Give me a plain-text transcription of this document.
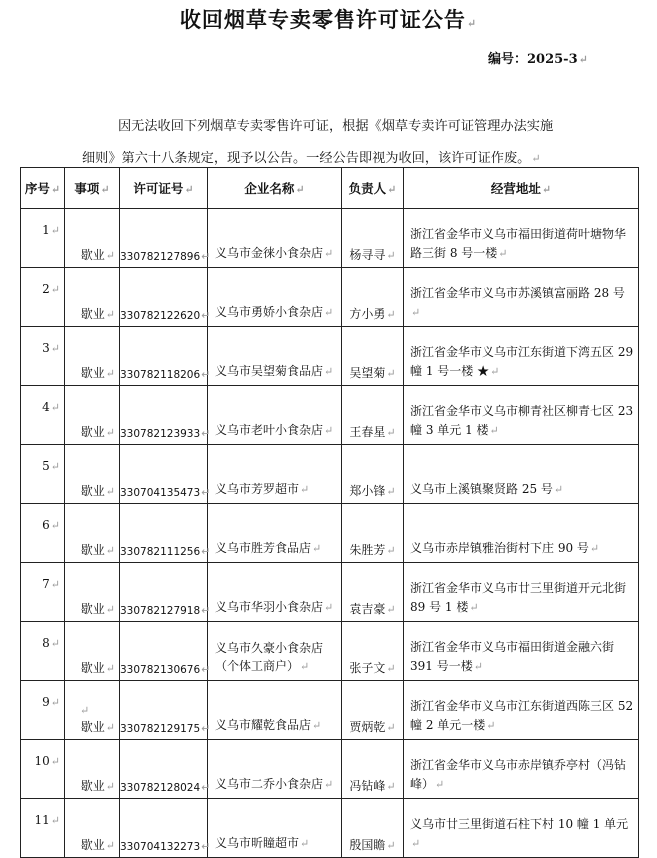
收回烟草专卖零售许可证公告↵
编号：2025-3↵
因无法收回下列烟草专卖零售许可证，根据《烟草专卖许可证管理办法实施
细则》第六十八条规定，现予以公告。一经公告即视为收回，该许可证作废。↵
序号↵	事项↵	许可证号↵	企业名称↵	负责人↵	经营地址↵
1↵	歇业↵	330782127896↵	义乌市金徕小食杂店↵	杨寻寻↵	浙江省金华市义乌市福田街道荷叶塘物华路三街 8 号一楼↵
2↵	歇业↵	330782122620↵	义乌市勇娇小食杂店↵	方小勇↵	浙江省金华市义乌市苏溪镇富丽路 28 号↵
3↵	歇业↵	330782118206↵	义乌市吴望菊食品店↵	吴望菊↵	浙江省金华市义乌市江东街道下湾五区 29 幢 1 号一楼 ★↵
4↵	歇业↵	330782123933↵	义乌市老叶小食杂店↵	王春星↵	浙江省金华市义乌市柳青社区柳青七区 23 幢 3 单元 1 楼↵
5↵	歇业↵	330704135473↵	义乌市芳罗超市↵	郑小锋↵	义乌市上溪镇聚贤路 25 号↵
6↵	歇业↵	330782111256↵	义乌市胜芳食品店↵	朱胜芳↵	义乌市赤岸镇雅治街村下庄 90 号↵
7↵	歇业↵	330782127918↵	义乌市华羽小食杂店↵	袁吉豪↵	浙江省金华市义乌市廿三里街道开元北街 89 号 1 楼↵
8↵	歇业↵	330782130676↵	义乌市久豪小食杂店（个体工商户）↵	张子文↵	浙江省金华市义乌市福田街道金融六街 391 号一楼↵
9↵	歇业↵	330782129175↵	义乌市耀乾食品店↵	贾炳乾↵	浙江省金华市义乌市江东街道西陈三区 52 幢 2 单元一楼↵
10↵	歇业↵	330782128024↵	义乌市二乔小食杂店↵	冯钻峰↵	浙江省金华市义乌市赤岸镇乔亭村（冯钻峰）↵
11↵	歇业↵	330704132273↵	义乌市昕瞳超市↵	殷国瞻↵	义乌市廿三里街道石柱下村 10 幢 1 单元↵
↵
